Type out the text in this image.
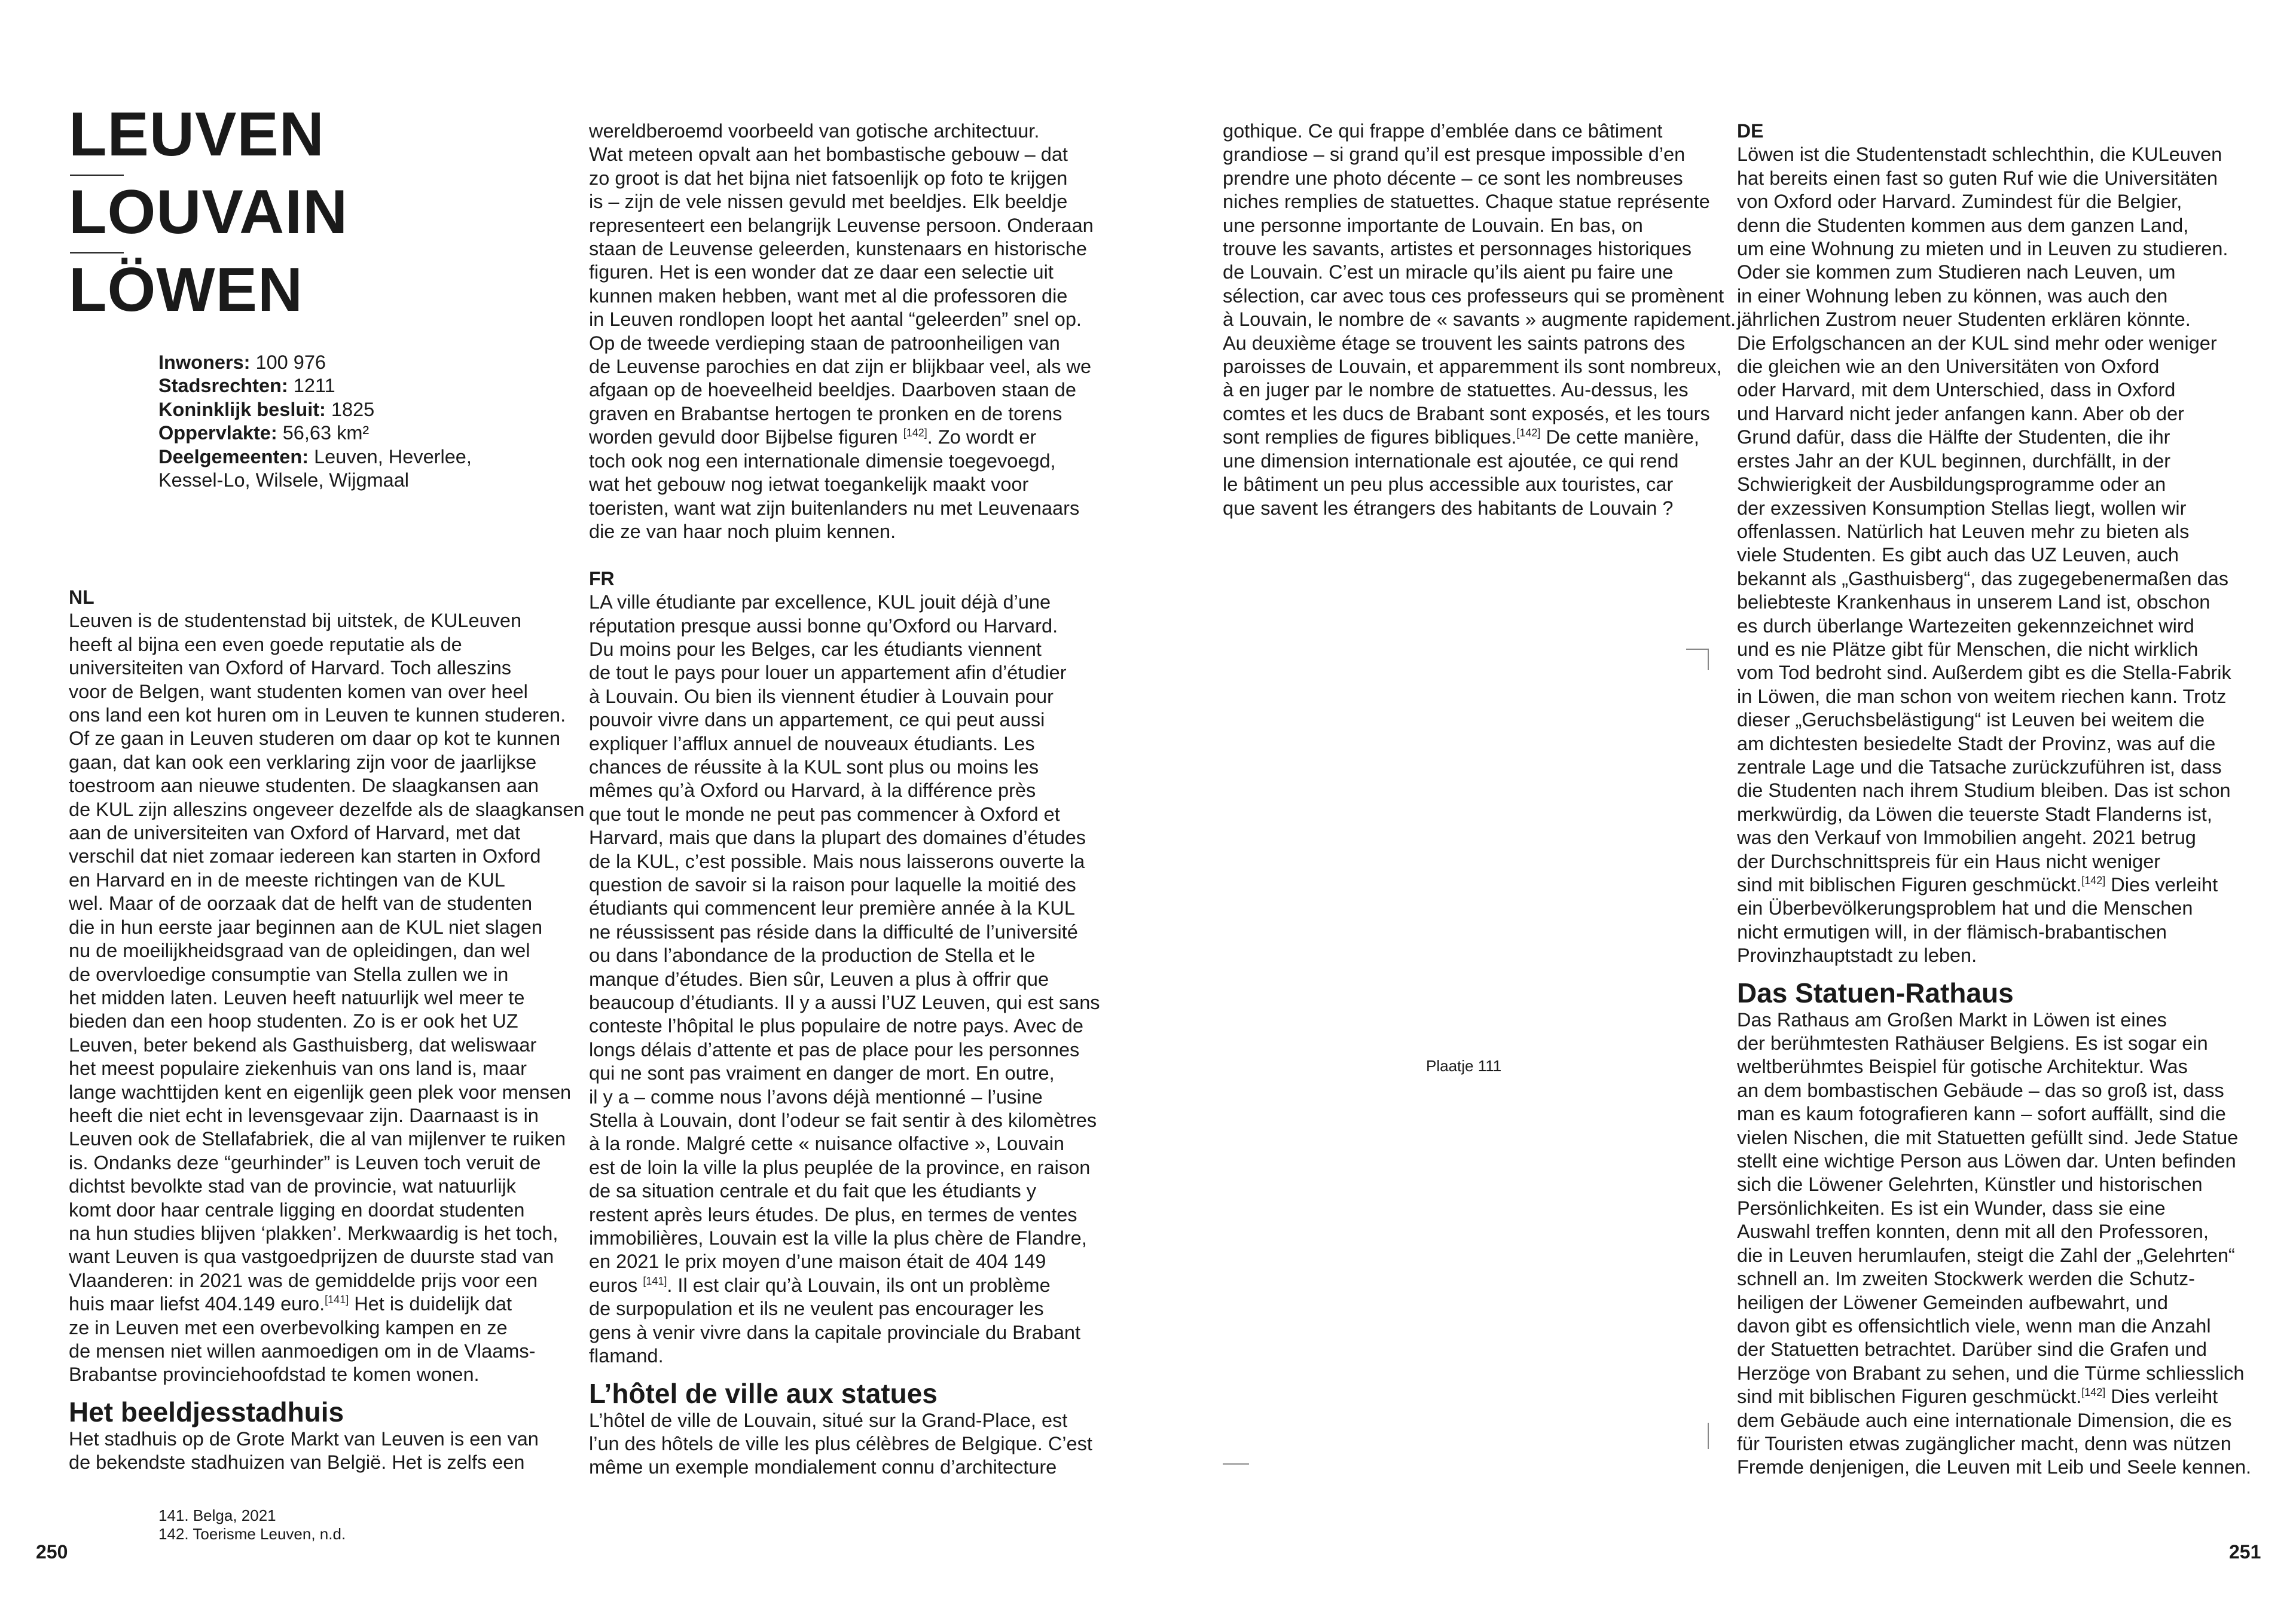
LEUVEN
LOUVAIN
LÖWEN
Inwoners: 100 976
Stadsrechten: 1211
Koninklijk besluit: 1825
Oppervlakte: 56,63 km²
Deelgemeenten: Leuven, Heverlee,
Kessel-Lo, Wilsele, Wijgmaal
NL
Leuven is de studentenstad bij uitstek, de KULeuven
heeft al bijna een even goede reputatie als de
universiteiten van Oxford of Harvard. Toch alleszins
voor de Belgen, want studenten komen van over heel
ons land een kot huren om in Leuven te kunnen studeren.
Of ze gaan in Leuven studeren om daar op kot te kunnen
gaan, dat kan ook een verklaring zijn voor de jaarlijkse
toestroom aan nieuwe studenten. De slaagkansen aan
de KUL zijn alleszins ongeveer dezelfde als de slaagkansen
aan de universiteiten van Oxford of Harvard, met dat
verschil dat niet zomaar iedereen kan starten in Oxford
en Harvard en in de meeste richtingen van de KUL
wel. Maar of de oorzaak dat de helft van de studenten
die in hun eerste jaar beginnen aan de KUL niet slagen
nu de moeilijkheidsgraad van de opleidingen, dan wel
de overvloedige consumptie van Stella zullen we in
het midden laten. Leuven heeft natuurlijk wel meer te
bieden dan een hoop studenten. Zo is er ook het UZ
Leuven, beter bekend als Gasthuisberg, dat weliswaar
het meest populaire ziekenhuis van ons land is, maar
lange wachttijden kent en eigenlijk geen plek voor mensen
heeft die niet echt in levensgevaar zijn. Daarnaast is in
Leuven ook de Stellafabriek, die al van mijlenver te ruiken
is. Ondanks deze “geurhinder” is Leuven toch veruit de
dichtst bevolkte stad van de provincie, wat natuurlijk
komt door haar centrale ligging en doordat studenten
na hun studies blijven ‘plakken’. Merkwaardig is het toch,
want Leuven is qua vastgoedprijzen de duurste stad van
Vlaanderen: in 2021 was de gemiddelde prijs voor een
huis maar liefst 404.149 euro.[141] Het is duidelijk dat
ze in Leuven met een overbevolking kampen en ze
de mensen niet willen aanmoedigen om in de Vlaams-
Brabantse provinciehoofdstad te komen wonen.
Het beeldjesstadhuis
Het stadhuis op de Grote Markt van Leuven is een van
de bekendste stadhuizen van België. Het is zelfs een
wereldberoemd voorbeeld van gotische architectuur.
Wat meteen opvalt aan het bombastische gebouw – dat
zo groot is dat het bijna niet fatsoenlijk op foto te krijgen
is – zijn de vele nissen gevuld met beeldjes. Elk beeldje
representeert een belangrijk Leuvense persoon. Onderaan
staan de Leuvense geleerden, kunstenaars en historische
figuren. Het is een wonder dat ze daar een selectie uit
kunnen maken hebben, want met al die professoren die
in Leuven rondlopen loopt het aantal “geleerden” snel op.
Op de tweede verdieping staan de patroonheiligen van
de Leuvense parochies en dat zijn er blijkbaar veel, als we
afgaan op de hoeveelheid beeldjes. Daarboven staan de
graven en Brabantse hertogen te pronken en de torens
worden gevuld door Bijbelse figuren [142]. Zo wordt er
toch ook nog een internationale dimensie toegevoegd,
wat het gebouw nog ietwat toegankelijk maakt voor
toeristen, want wat zijn buitenlanders nu met Leuvenaars
die ze van haar noch pluim kennen.
FR
LA ville étudiante par excellence, KUL jouit déjà d’une
réputation presque aussi bonne qu’Oxford ou Harvard.
Du moins pour les Belges, car les étudiants viennent
de tout le pays pour louer un appartement afin d’étudier
à Louvain. Ou bien ils viennent étudier à Louvain pour
pouvoir vivre dans un appartement, ce qui peut aussi
expliquer l’afflux annuel de nouveaux étudiants. Les
chances de réussite à la KUL sont plus ou moins les
mêmes qu’à Oxford ou Harvard, à la différence près
que tout le monde ne peut pas commencer à Oxford et
Harvard, mais que dans la plupart des domaines d’études
de la KUL, c’est possible. Mais nous laisserons ouverte la
question de savoir si la raison pour laquelle la moitié des
étudiants qui commencent leur première année à la KUL
ne réussissent pas réside dans la difficulté de l’université
ou dans l’abondance de la production de Stella et le
manque d’études. Bien sûr, Leuven a plus à offrir que
beaucoup d’étudiants. Il y a aussi l’UZ Leuven, qui est sans
conteste l’hôpital le plus populaire de notre pays. Avec de
longs délais d’attente et pas de place pour les personnes
qui ne sont pas vraiment en danger de mort. En outre,
il y a – comme nous l’avons déjà mentionné – l’usine
Stella à Louvain, dont l’odeur se fait sentir à des kilomètres
à la ronde. Malgré cette « nuisance olfactive », Louvain
est de loin la ville la plus peuplée de la province, en raison
de sa situation centrale et du fait que les étudiants y
restent après leurs études. De plus, en termes de ventes
immobilières, Louvain est la ville la plus chère de Flandre,
en 2021 le prix moyen d’une maison était de 404 149
euros [141]. Il est clair qu’à Louvain, ils ont un problème
de surpopulation et ils ne veulent pas encourager les
gens à venir vivre dans la capitale provinciale du Brabant
flamand.
L’hôtel de ville aux statues
L’hôtel de ville de Louvain, situé sur la Grand-Place, est
l’un des hôtels de ville les plus célèbres de Belgique. C’est
même un exemple mondialement connu d’architecture
gothique. Ce qui frappe d’emblée dans ce bâtiment
grandiose – si grand qu’il est presque impossible d’en
prendre une photo décente – ce sont les nombreuses
niches remplies de statuettes. Chaque statue représente
une personne importante de Louvain. En bas, on
trouve les savants, artistes et personnages historiques
de Louvain. C’est un miracle qu’ils aient pu faire une
sélection, car avec tous ces professeurs qui se promènent
à Louvain, le nombre de « savants » augmente rapidement.
Au deuxième étage se trouvent les saints patrons des
paroisses de Louvain, et apparemment ils sont nombreux,
à en juger par le nombre de statuettes. Au-dessus, les
comtes et les ducs de Brabant sont exposés, et les tours
sont remplies de figures bibliques.[142] De cette manière,
une dimension internationale est ajoutée, ce qui rend
le bâtiment un peu plus accessible aux touristes, car
que savent les étrangers des habitants de Louvain ?
Plaatje 111
DE
Löwen ist die Studentenstadt schlechthin, die KULeuven
hat bereits einen fast so guten Ruf wie die Universitäten
von Oxford oder Harvard. Zumindest für die Belgier,
denn die Studenten kommen aus dem ganzen Land,
um eine Wohnung zu mieten und in Leuven zu studieren.
Oder sie kommen zum Studieren nach Leuven, um
in einer Wohnung leben zu können, was auch den
jährlichen Zustrom neuer Studenten erklären könnte.
Die Erfolgschancen an der KUL sind mehr oder weniger
die gleichen wie an den Universitäten von Oxford
oder Harvard, mit dem Unterschied, dass in Oxford
und Harvard nicht jeder anfangen kann. Aber ob der
Grund dafür, dass die Hälfte der Studenten, die ihr
erstes Jahr an der KUL beginnen, durchfällt, in der
Schwierigkeit der Ausbildungsprogramme oder an
der exzessiven Konsumption Stellas liegt, wollen wir
offenlassen. Natürlich hat Leuven mehr zu bieten als
viele Studenten. Es gibt auch das UZ Leuven, auch
bekannt als „Gasthuisberg“, das zugegebenermaßen das
beliebteste Krankenhaus in unserem Land ist, obschon
es durch überlange Wartezeiten gekennzeichnet wird
und es nie Plätze gibt für Menschen, die nicht wirklich
vom Tod bedroht sind. Außerdem gibt es die Stella-Fabrik
in Löwen, die man schon von weitem riechen kann. Trotz
dieser „Geruchsbelästigung“ ist Leuven bei weitem die
am dichtesten besiedelte Stadt der Provinz, was auf die
zentrale Lage und die Tatsache zurückzuführen ist, dass
die Studenten nach ihrem Studium bleiben. Das ist schon
merkwürdig, da Löwen die teuerste Stadt Flanderns ist,
was den Verkauf von Immobilien angeht. 2021 betrug
der Durchschnittspreis für ein Haus nicht weniger
sind mit biblischen Figuren geschmückt.[142] Dies verleiht
ein Überbevölkerungsproblem hat und die Menschen
nicht ermutigen will, in der flämisch-brabantischen
Provinzhauptstadt zu leben.
Das Statuen-Rathaus
Das Rathaus am Großen Markt in Löwen ist eines
der berühmtesten Rathäuser Belgiens. Es ist sogar ein
weltberühmtes Beispiel für gotische Architektur. Was
an dem bombastischen Gebäude – das so groß ist, dass
man es kaum fotografieren kann – sofort auffällt, sind die
vielen Nischen, die mit Statuetten gefüllt sind. Jede Statue
stellt eine wichtige Person aus Löwen dar. Unten befinden
sich die Löwener Gelehrten, Künstler und historischen
Persönlichkeiten. Es ist ein Wunder, dass sie eine
Auswahl treffen konnten, denn mit all den Professoren,
die in Leuven herumlaufen, steigt die Zahl der „Gelehrten“
schnell an. Im zweiten Stockwerk werden die Schutz-
heiligen der Löwener Gemeinden aufbewahrt, und
davon gibt es offensichtlich viele, wenn man die Anzahl
der Statuetten betrachtet. Darüber sind die Grafen und
Herzöge von Brabant zu sehen, und die Türme schliesslich
sind mit biblischen Figuren geschmückt.[142] Dies verleiht
dem Gebäude auch eine internationale Dimension, die es
für Touristen etwas zugänglicher macht, denn was nützen
Fremde denjenigen, die Leuven mit Leib und Seele kennen.
141. Belga, 2021
142. Toerisme Leuven, n.d.
250	251
